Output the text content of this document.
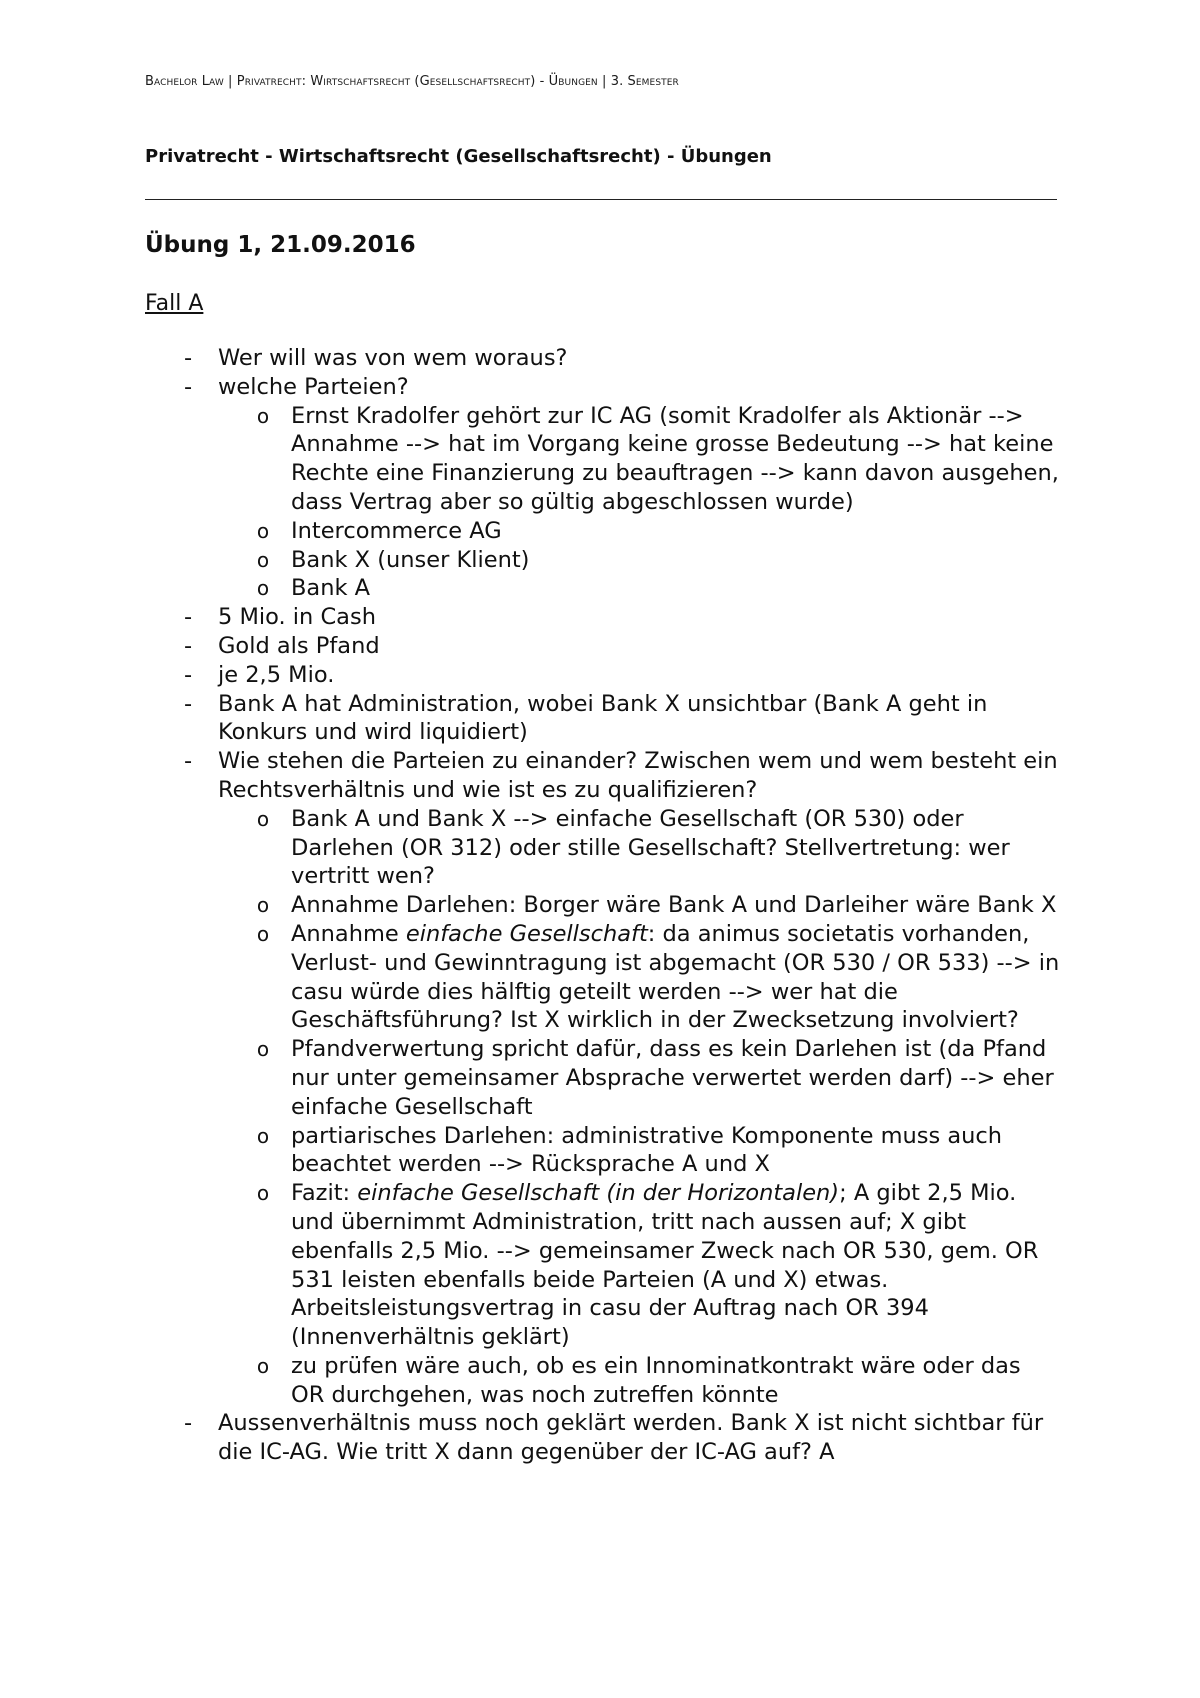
Bachelor Law | Privatrecht: Wirtschaftsrecht (Gesellschaftsrecht) - Übungen | 3. Semester
Privatrecht - Wirtschaftsrecht (Gesellschaftsrecht) - Übungen
Übung 1, 21.09.2016
Fall A
-	Wer will was von wem woraus?
-	welche Parteien?
o Ernst Kradolfer gehört zur IC AG (somit Kradolfer als Aktionär --> Annahme --> hat im Vorgang keine grosse Bedeutung --> hat keine Rechte eine Finanzierung zu beauftragen --> kann davon ausgehen, dass Vertrag aber so gültig abgeschlossen wurde)
o Intercommerce AG
o Bank X (unser Klient)
o Bank A
-	5 Mio. in Cash
-	Gold als Pfand
-	je 2,5 Mio.
-	Bank A hat Administration, wobei Bank X unsichtbar (Bank A geht in Konkurs und wird liquidiert)
-	Wie stehen die Parteien zu einander? Zwischen wem und wem besteht ein Rechtsverhältnis und wie ist es zu qualifizieren?
o Bank A und Bank X --> einfache Gesellschaft (OR 530) oder Darlehen (OR 312) oder stille Gesellschaft? Stellvertretung: wer vertritt wen?
o Annahme Darlehen: Borger wäre Bank A und Darleiher wäre Bank X
o Annahme einfache Gesellschaft: da animus societatis vorhanden, Verlust- und Gewinntragung ist abgemacht (OR 530 / OR 533) --> in casu würde dies hälftig geteilt werden --> wer hat die Geschäftsführung? Ist X wirklich in der Zwecksetzung involviert?
o Pfandverwertung spricht dafür, dass es kein Darlehen ist (da Pfand nur unter gemeinsamer Absprache verwertet werden darf) --> eher einfache Gesellschaft
o partiarisches Darlehen: administrative Komponente muss auch beachtet werden --> Rücksprache A und X
o Fazit: einfache Gesellschaft (in der Horizontalen); A gibt 2,5 Mio. und übernimmt Administration, tritt nach aussen auf; X gibt ebenfalls 2,5 Mio. --> gemeinsamer Zweck nach OR 530, gem. OR 531 leisten ebenfalls beide Parteien (A und X) etwas. Arbeitsleistungsvertrag in casu der Auftrag nach OR 394 (Innenverhältnis geklärt)
o zu prüfen wäre auch, ob es ein Innominatkontrakt wäre oder das OR durchgehen, was noch zutreffen könnte
-	Aussenverhältnis muss noch geklärt werden. Bank X ist nicht sichtbar für die IC-AG. Wie tritt X dann gegenüber der IC-AG auf? A
